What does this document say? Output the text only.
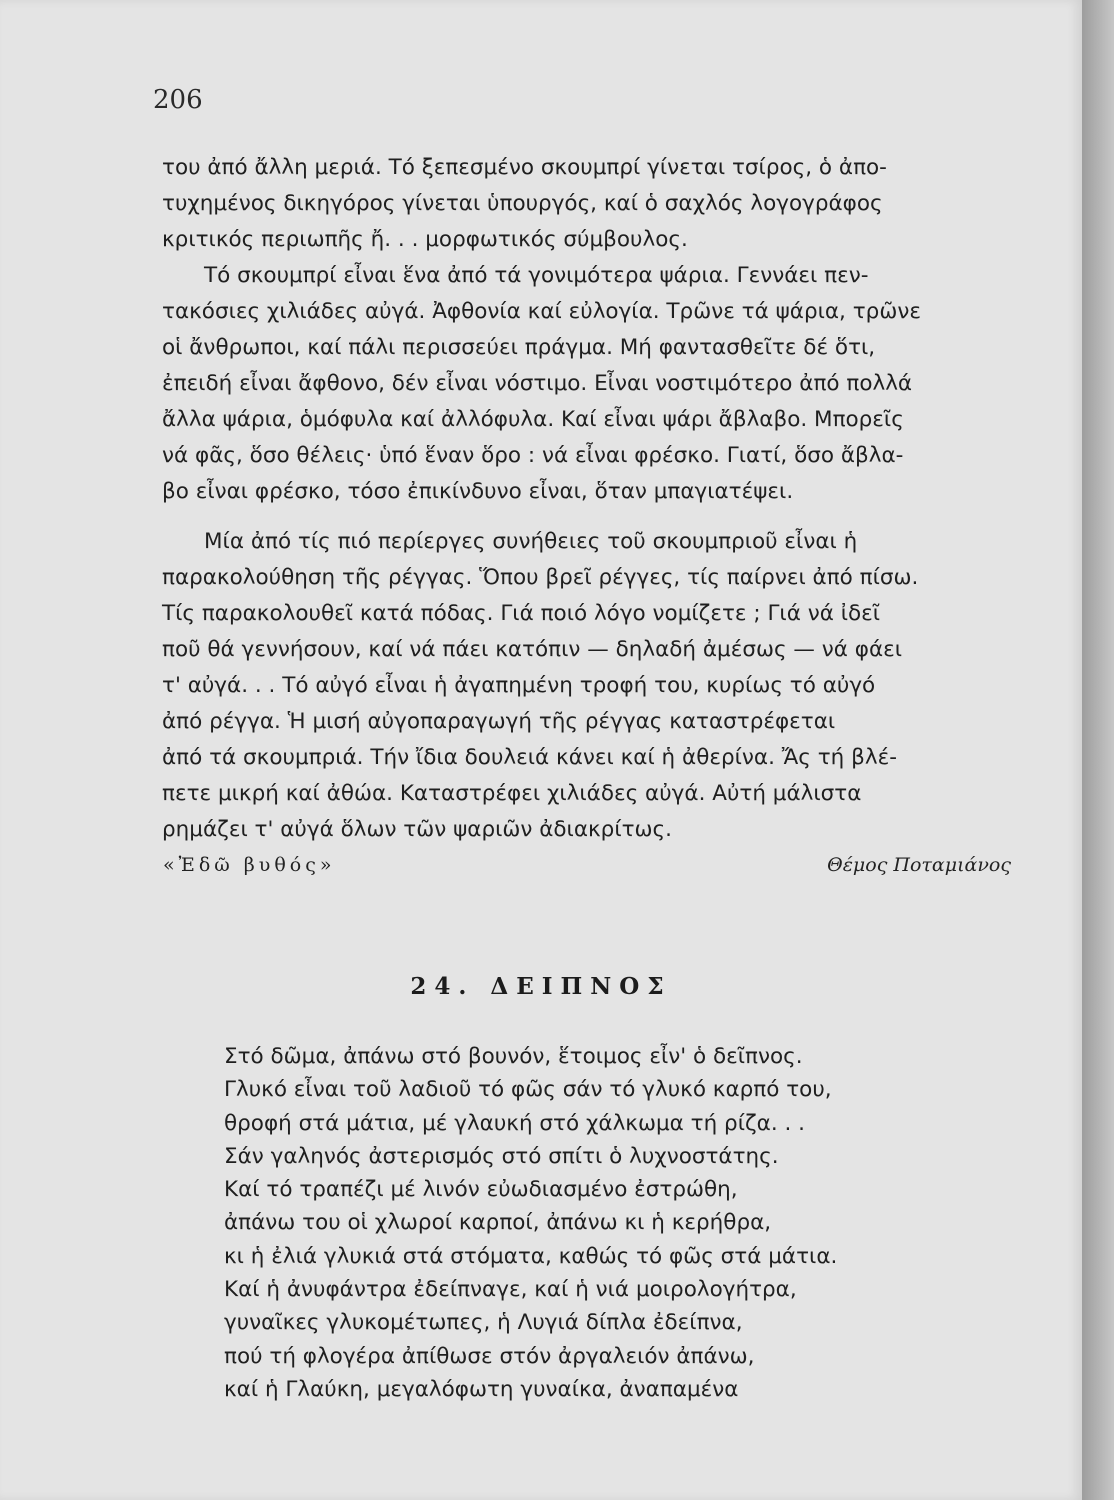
206

του ἀπό ἄλλη μεριά. Τό ξεπεσμένο σκουμπρί γίνεται τσίρος, ὁ ἀπο-
τυχημένος δικηγόρος γίνεται ὑπουργός, καί ὁ σαχλός λογογράφος
κριτικός περιωπῆς ἤ. . . μορφωτικός σύμβουλος.

Τό σκουμπρί εἶναι ἕνα ἀπό τά γονιμότερα ψάρια. Γεννάει πεν-
τακόσιες χιλιάδες αὐγά. Ἀφθονία καί εὐλογία. Τρῶνε τά ψάρια, τρῶνε
οἱ ἄνθρωποι, καί πάλι περισσεύει πράγμα. Μή φαντασθεῖτε δέ ὅτι,
ἐπειδή εἶναι ἄφθονο, δέν εἶναι νόστιμο. Εἶναι νοστιμότερο ἀπό πολλά
ἄλλα ψάρια, ὁμόφυλα καί ἀλλόφυλα. Καί εἶναι ψάρι ἄβλαβο. Μπορεῖς
νά φᾶς, ὅσο θέλεις· ὑπό ἕναν ὅρο : νά εἶναι φρέσκο. Γιατί, ὅσο ἄβλα-
βο εἶναι φρέσκο, τόσο ἐπικίνδυνο εἶναι, ὅταν μπαγιατέψει.

Μία ἀπό τίς πιό περίεργες συνήθειες τοῦ σκουμπριοῦ εἶναι ἡ
παρακολούθηση τῆς ρέγγας. Ὅπου βρεῖ ρέγγες, τίς παίρνει ἀπό πίσω.
Τίς παρακολουθεῖ κατά πόδας. Γιά ποιό λόγο νομίζετε ; Γιά νά ἰδεῖ
ποῦ θά γεννήσουν, καί νά πάει κατόπιν — δηλαδή ἀμέσως — νά φάει
τ' αὐγά. . . Τό αὐγό εἶναι ἡ ἀγαπημένη τροφή του, κυρίως τό αὐγό
ἀπό ρέγγα. Ἡ μισή αὐγοπαραγωγή τῆς ρέγγας καταστρέφεται
ἀπό τά σκουμπριά. Τήν ἴδια δουλειά κάνει καί ἡ ἀθερίνα. Ἄς τή βλέ-
πετε μικρή καί ἀθώα. Καταστρέφει χιλιάδες αὐγά. Αὐτή μάλιστα
ρημάζει τ' αὐγά ὅλων τῶν ψαριῶν ἀδιακρίτως.

«Ἐδῶ βυθός»	Θέμος Ποταμιάνος
24. ΔΕΙΠΝΟΣ
Στό δῶμα, ἀπάνω στό βουνόν, ἕτοιμος εἶν' ὁ δεῖπνος.
Γλυκό εἶναι τοῦ λαδιοῦ τό φῶς σάν τό γλυκό καρπό του,
θροφή στά μάτια, μέ γλαυκή στό χάλκωμα τή ρίζα. . .
Σάν γαληνός ἀστερισμός στό σπίτι ὁ λυχνοστάτης.
Καί τό τραπέζι μέ λινόν εὐωδιασμένο ἐστρώθη,
ἀπάνω του οἱ χλωροί καρποί, ἀπάνω κι ἡ κερήθρα,
κι ἡ ἐλιά γλυκιά στά στόματα, καθώς τό φῶς στά μάτια.
Καί ἡ ἀνυφάντρα ἐδείπναγε, καί ἡ νιά μοιρολογήτρα,
γυναῖκες γλυκομέτωπες, ἡ Λυγιά δίπλα ἐδείπνα,
πού τή φλογέρα ἀπίθωσε στόν ἀργαλειόν ἀπάνω,
καί ἡ Γλαύκη, μεγαλόφωτη γυναίκα, ἀναπαμένα
